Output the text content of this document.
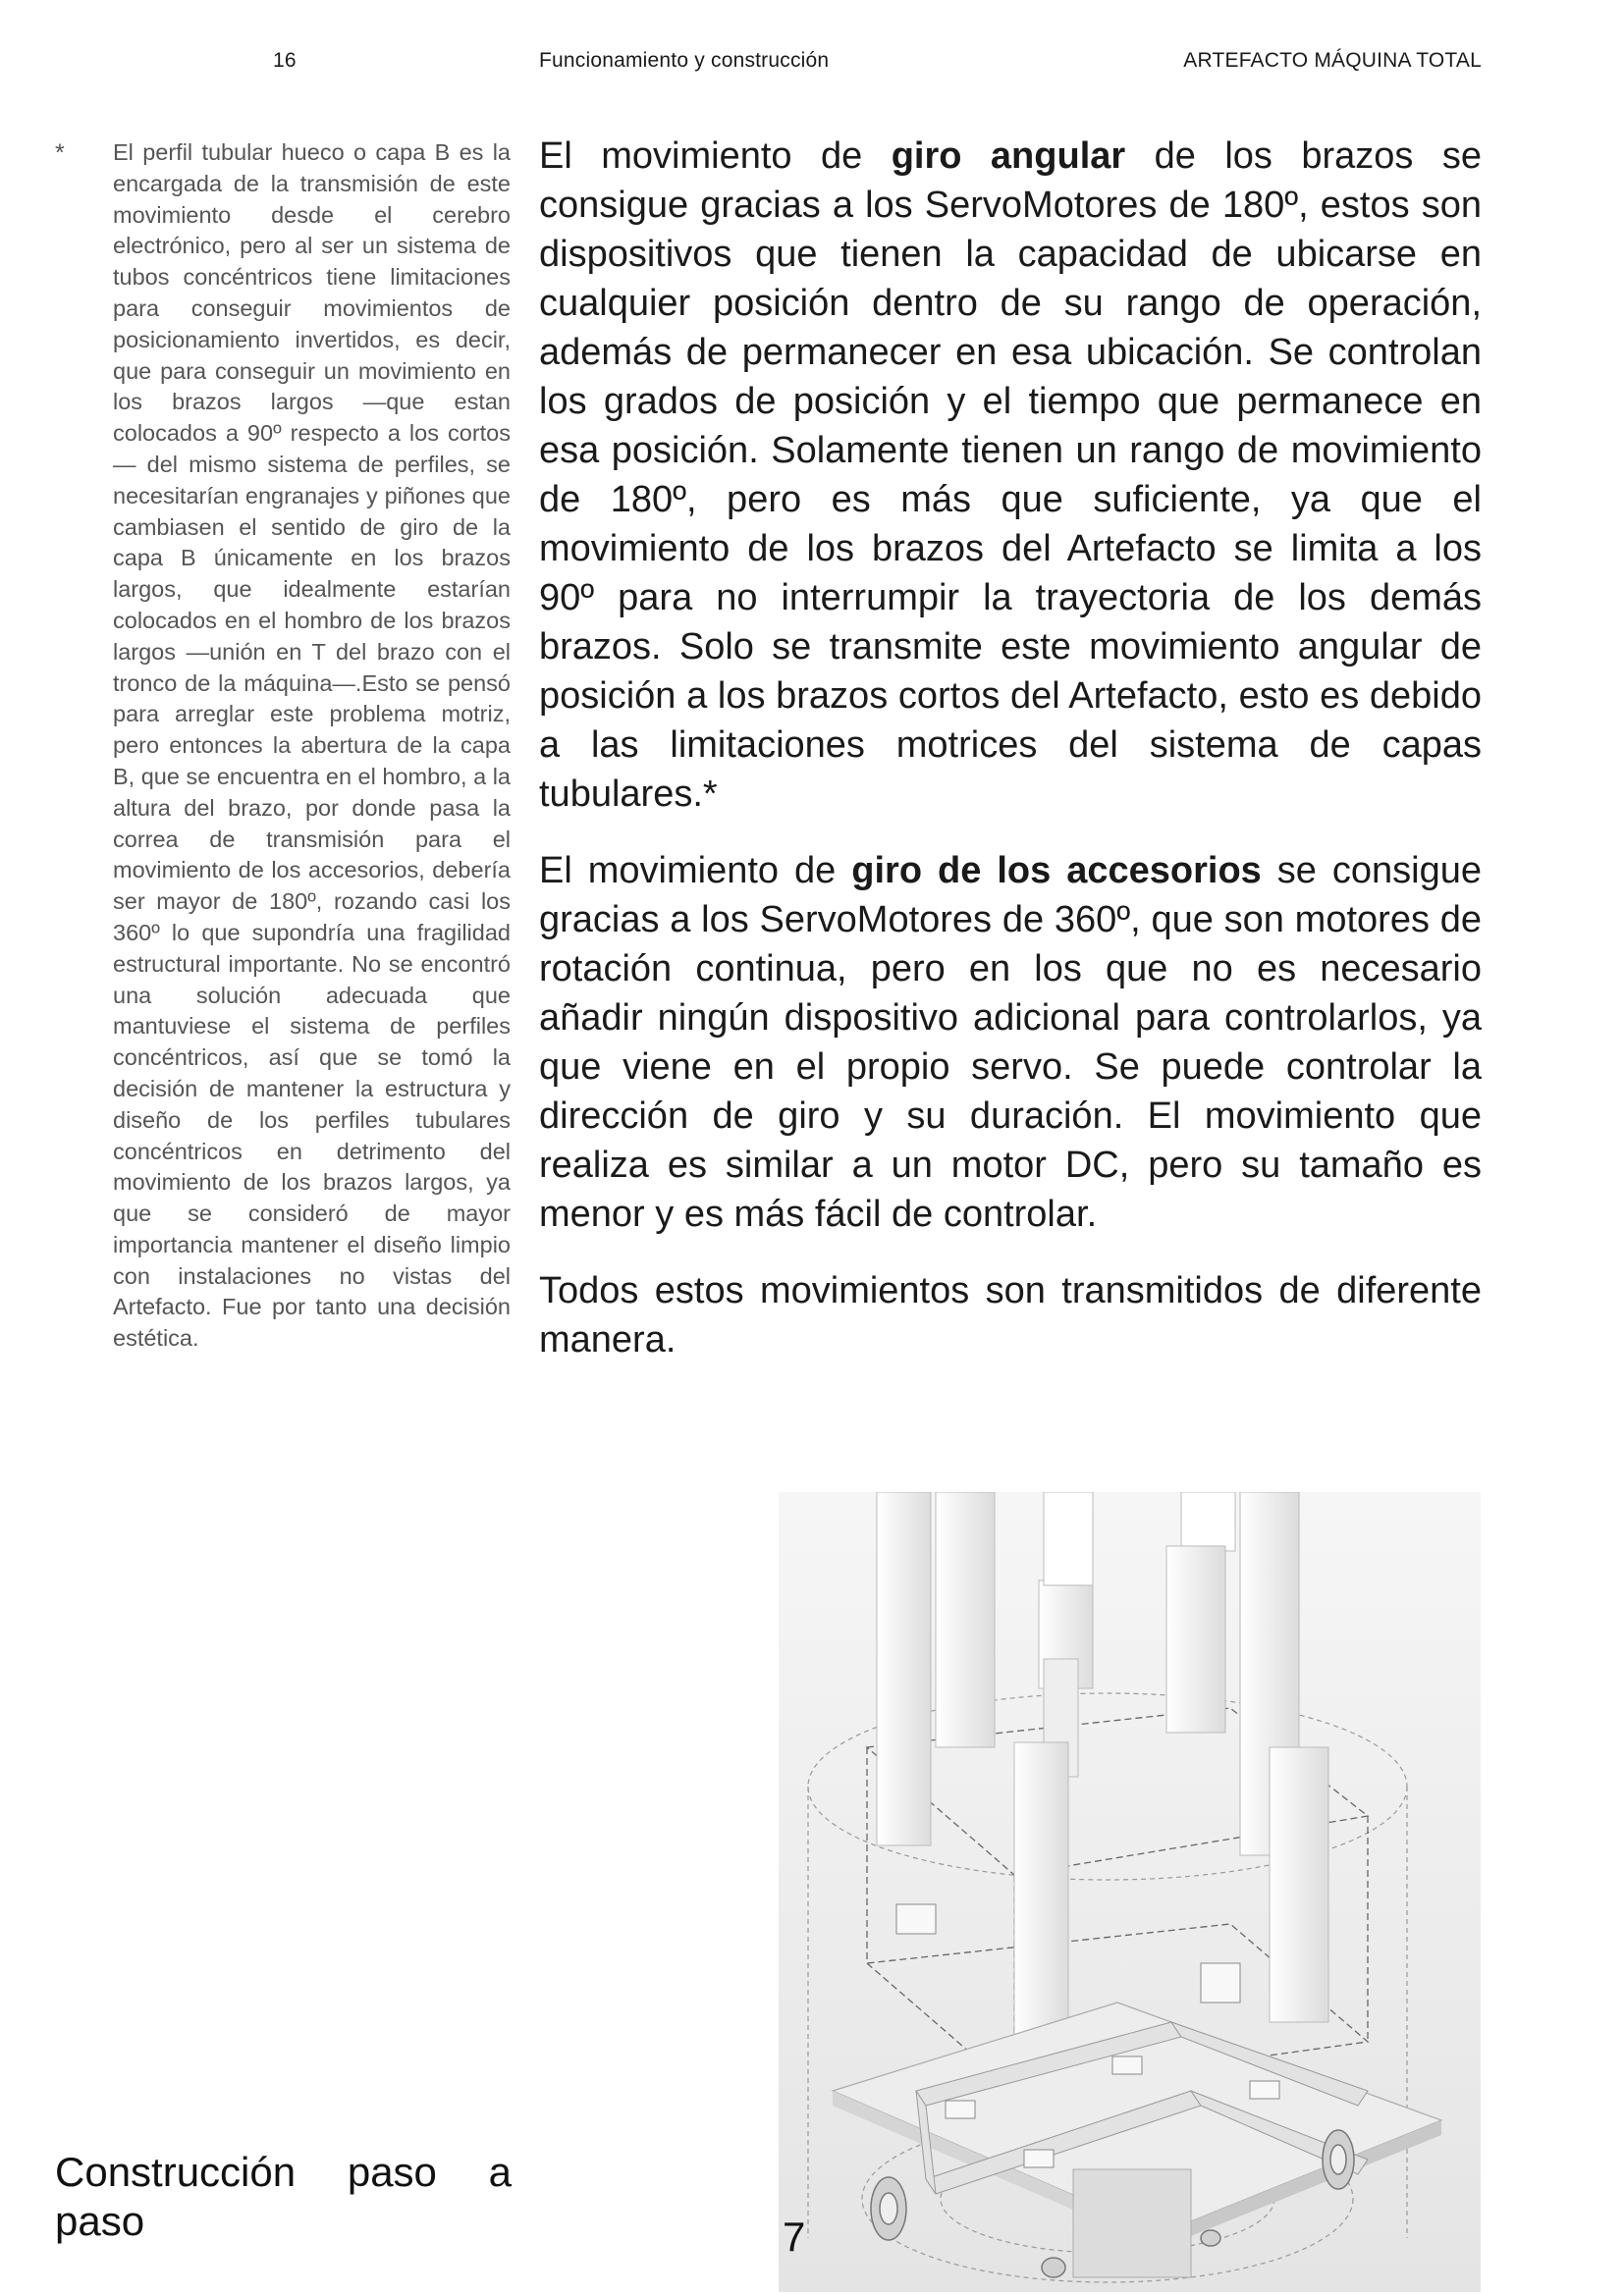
16	Funcionamiento y construcción	ARTEFACTO MÁQUINA TOTAL
* El perfil tubular hueco o capa B es la encargada de la transmisión de este movimiento desde el cerebro electrónico, pero al ser un sistema de tubos concéntricos tiene limitaciones para conseguir movimientos de posicionamiento invertidos, es decir, que para conseguir un movimiento en los brazos largos —que estan colocados a 90º respecto a los cortos— del mismo sistema de perfiles, se necesitarían engranajes y piñones que cambiasen el sentido de giro de la capa B únicamente en los brazos largos, que idealmente estarían colocados en el hombro de los brazos largos —unión en T del brazo con el tronco de la máquina—.Esto se pensó para arreglar este problema motriz, pero entonces la abertura de la capa B, que se encuentra en el hombro, a la altura del brazo, por donde pasa la correa de transmisión para el movimiento de los accesorios, debería ser mayor de 180º, rozando casi los 360º lo que supondría una fragilidad estructural importante. No se encontró una solución adecuada que mantuviese el sistema de perfiles concéntricos, así que se tomó la decisión de mantener la estructura y diseño de los perfiles tubulares concéntricos en detrimento del movimiento de los brazos largos, ya que se consideró de mayor importancia mantener el diseño limpio con instalaciones no vistas del Artefacto. Fue por tanto una decisión estética.

El movimiento de giro angular de los brazos se consigue gracias a los ServoMotores de 180º, estos son dispositivos que tienen la capacidad de ubicarse en cualquier posición dentro de su rango de operación, además de permanecer en esa ubicación. Se controlan los grados de posición y el tiempo que permanece en esa posición. Solamente tienen un rango de movimiento de 180º, pero es más que suficiente, ya que el movimiento de los brazos del Artefacto se limita a los 90º para no interrumpir la trayectoria de los demás brazos. Solo se transmite este movimiento angular de posición a los brazos cortos del Artefacto, esto es debido a las limitaciones motrices del sistema de capas tubulares.*

El movimiento de giro de los accesorios se consigue gracias a los ServoMotores de 360º, que son motores de rotación continua, pero en los que no es necesario añadir ningún dispositivo adicional para controlarlos, ya que viene en el propio servo. Se puede controlar la dirección de giro y su duración. El movimiento que realiza es similar a un motor DC, pero su tamaño es menor y es más fácil de controlar.

Todos estos movimientos son transmitidos de diferente manera.

Construcción paso a
paso	7
